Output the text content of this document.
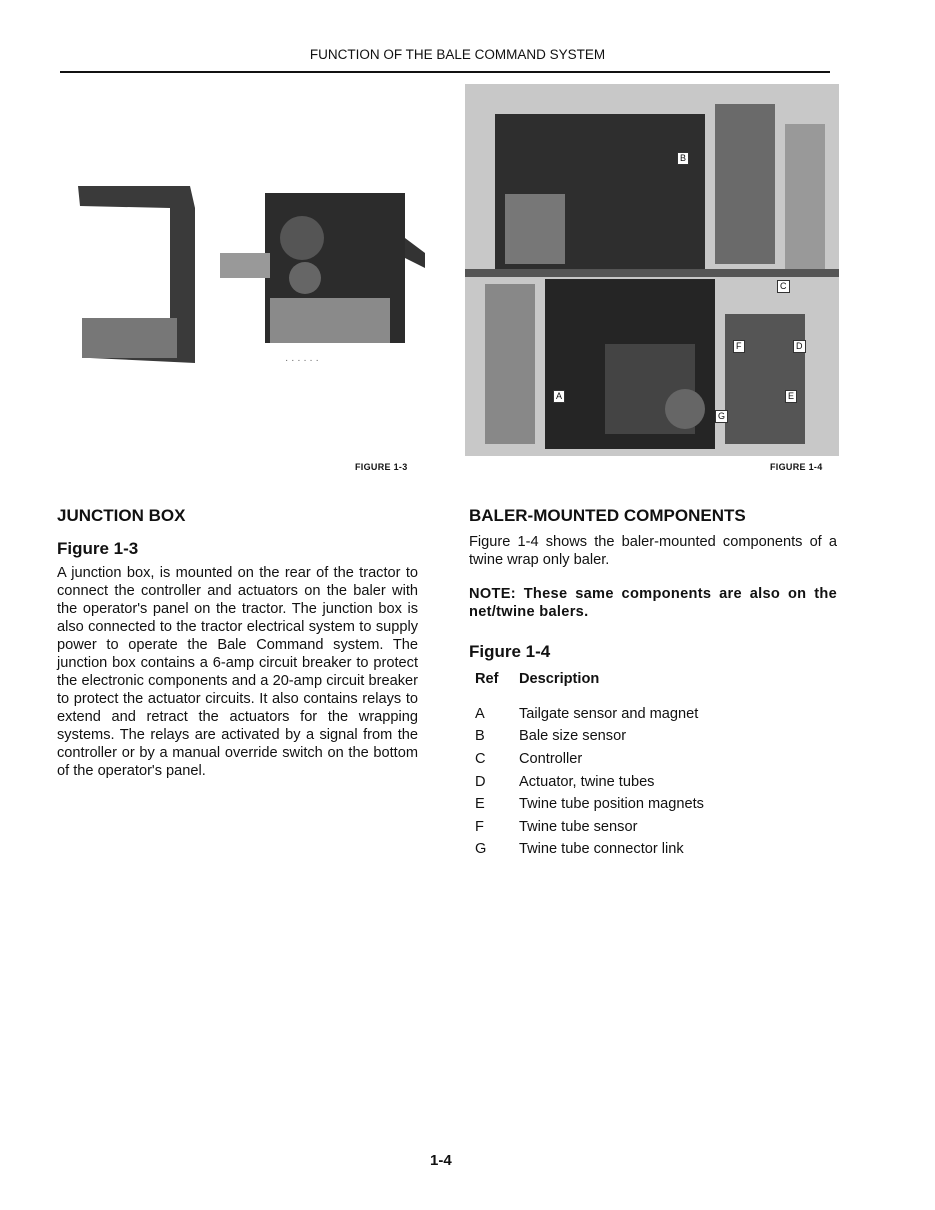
FUNCTION OF THE BALE COMMAND SYSTEM
· · · · · ·
B
C
D
E
F
G
A
FIGURE 1-3	FIGURE 1-4
JUNCTION BOX
Figure 1-3
A junction box, is mounted on the rear of the tractor to connect the controller and actuators on the baler with the operator's panel on the tractor. The junction box is also connected to the tractor electrical system to supply power to operate the Bale Command system. The junction box contains a 6-amp circuit breaker to protect the electronic components and a 20-amp circuit breaker to protect the actuator circuits. It also contains relays to extend and retract the actuators for the wrapping systems. The relays are activated by a signal from the controller or by a manual override switch on the bottom of the operator's panel.
BALER-MOUNTED COMPONENTS
Figure 1-4 shows the baler-mounted components of a twine wrap only baler.
NOTE: These same components are also on the net/twine balers.
Figure 1-4
Ref	Description

A	Tailgate sensor and magnet
B	Bale size sensor
C	Controller
D	Actuator, twine tubes
E	Twine tube position magnets
F	Twine tube sensor
G	Twine tube connector link
1-4
